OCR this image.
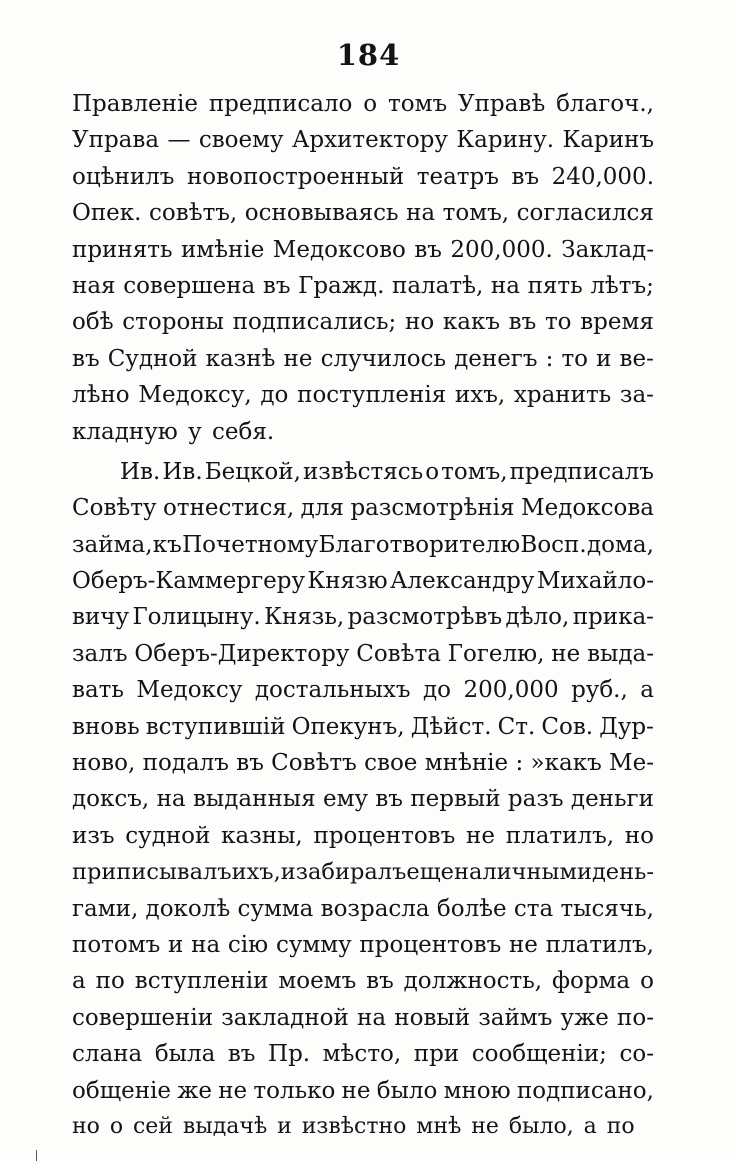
184
Правленіе предписало о томъ Управѣ благоч.,
Управа — своему Архитектору Карину. Каринъ
оцѣнилъ новопостроенный театръ въ 240,000.
Опек. совѣтъ, основываясь на томъ, согласился
принять имѣніе Медоксово въ 200,000. Заклад-
ная совершена въ Гражд. палатѣ, на пять лѣтъ;
обѣ стороны подписались; но какъ въ то время
въ Судной казнѣ не случилось денегъ : то и ве-
лѣно Медоксу, до поступленія ихъ, хранить за-
кладную у себя.
Ив. Ив. Бецкой, извѣстясь о томъ, предписалъ
Совѣту отнестися, для разсмотрѣнія Медоксова
займа, къ Почетному Благотворителю Восп. дома,
Оберъ-Каммергеру Князю Александру Михайло-
вичу Голицыну. Князь, разсмотрѣвъ дѣло, прика-
залъ Оберъ-Директору Совѣта Гогелю, не выда-
вать Медоксу достальныхъ до 200,000 руб., а
вновь вступившій Опекунъ, Дѣйст. Ст. Сов. Дур-
ново, подалъ въ Совѣтъ свое мнѣніе : »какъ Ме-
доксъ, на выданныя ему въ первый разъ деньги
изъ судной казны, процентовъ не платилъ, но
приписывалъ ихъ, и забиралъ еще наличными день-
гами, доколѣ сумма возрасла болѣе ста тысячь,
потомъ и на сію сумму процентовъ не платилъ,
а по вступленіи моемъ въ должность, форма о
совершеніи закладной на новый займъ уже по-
слана была въ Пр. мѣсто, при сообщеніи; со-
общеніе же не только не было мною подписано,
но о сей выдачѣ и извѣстно мнѣ не было, а по
